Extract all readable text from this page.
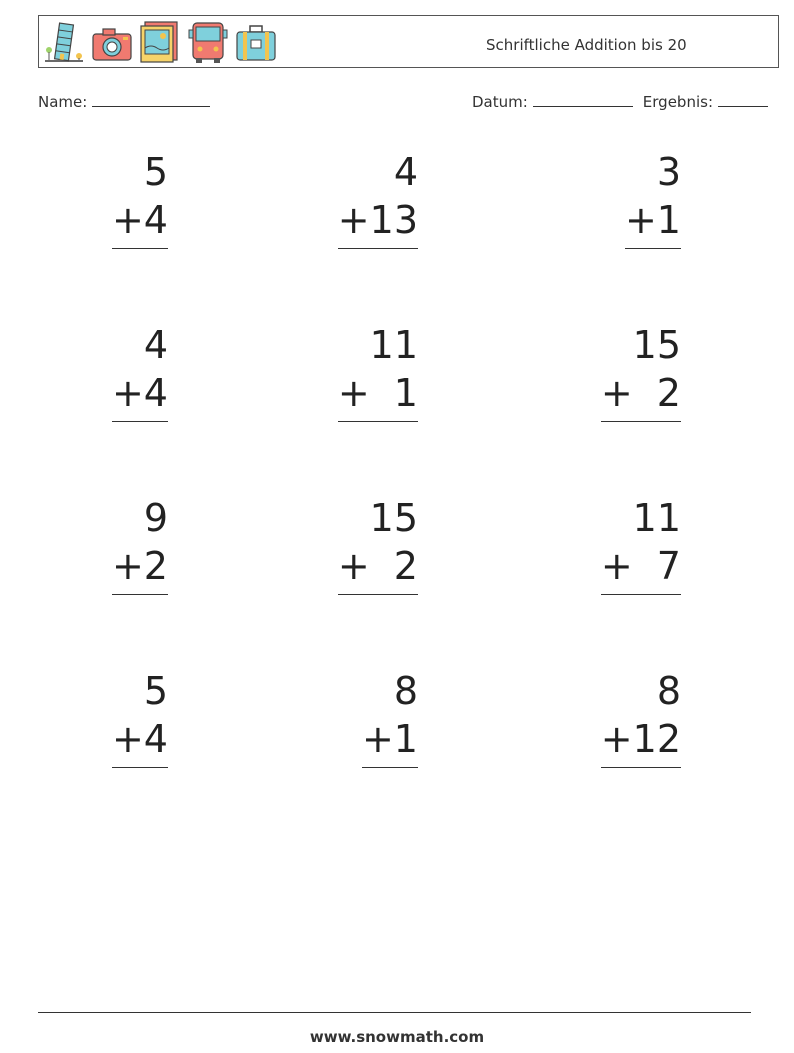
Schriftliche Addition bis 20
Name:	Datum:	Ergebnis:
5
+4
4
+13
3
+1
4
+4
11
+  1
15
+  2
9
+2
15
+  2
11
+  7
5
+4
8
+1
8
+12
www.snowmath.com
